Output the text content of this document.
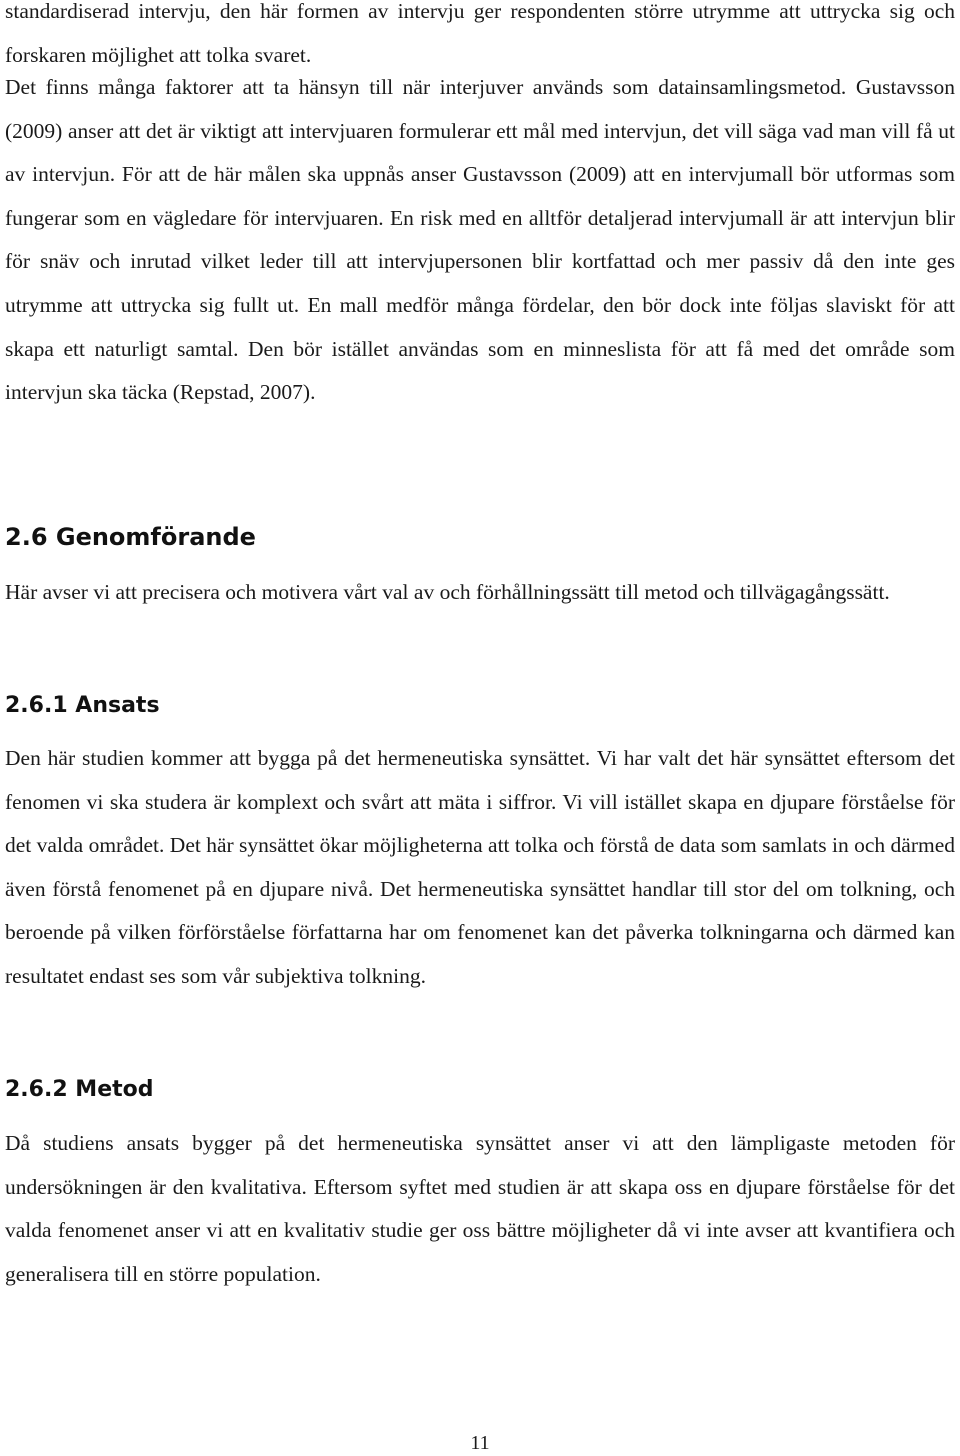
standardiserad intervju, den här formen av intervju ger respondenten större utrymme att uttrycka sig och forskaren möjlighet att tolka svaret.

Det finns många faktorer att ta hänsyn till när interjuver används som datainsamlingsmetod. Gustavsson (2009) anser att det är viktigt att intervjuaren formulerar ett mål med intervjun, det vill säga vad man vill få ut av intervjun. För att de här målen ska uppnås anser Gustavsson (2009) att en intervjumall bör utformas som fungerar som en vägledare för intervjuaren. En risk med en alltför detaljerad intervjumall är att intervjun blir för snäv och inrutad vilket leder till att intervjupersonen blir kortfattad och mer passiv då den inte ges utrymme att uttrycka sig fullt ut. En mall medför många fördelar, den bör dock inte följas slaviskt för att skapa ett naturligt samtal. Den bör istället användas som en minneslista för att få med det område som intervjun ska täcka (Repstad, 2007).

2.6 Genomförande

Här avser vi att precisera och motivera vårt val av och förhållningssätt till metod och tillvägagångssätt.

2.6.1 Ansats

Den här studien kommer att bygga på det hermeneutiska synsättet. Vi har valt det här synsättet eftersom det fenomen vi ska studera är komplext och svårt att mäta i siffror. Vi vill istället skapa en djupare förståelse för det valda området. Det här synsättet ökar möjligheterna att tolka och förstå de data som samlats in och därmed även förstå fenomenet på en djupare nivå. Det hermeneutiska synsättet handlar till stor del om tolkning, och beroende på vilken förförståelse författarna har om fenomenet kan det påverka tolkningarna och därmed kan resultatet endast ses som vår subjektiva tolkning.

2.6.2 Metod

Då studiens ansats bygger på det hermeneutiska synsättet anser vi att den lämpligaste metoden för undersökningen är den kvalitativa. Eftersom syftet med studien är att skapa oss en djupare förståelse för det valda fenomenet anser vi att en kvalitativ studie ger oss bättre möjligheter då vi inte avser att kvantifiera och generalisera till en större population.

11
